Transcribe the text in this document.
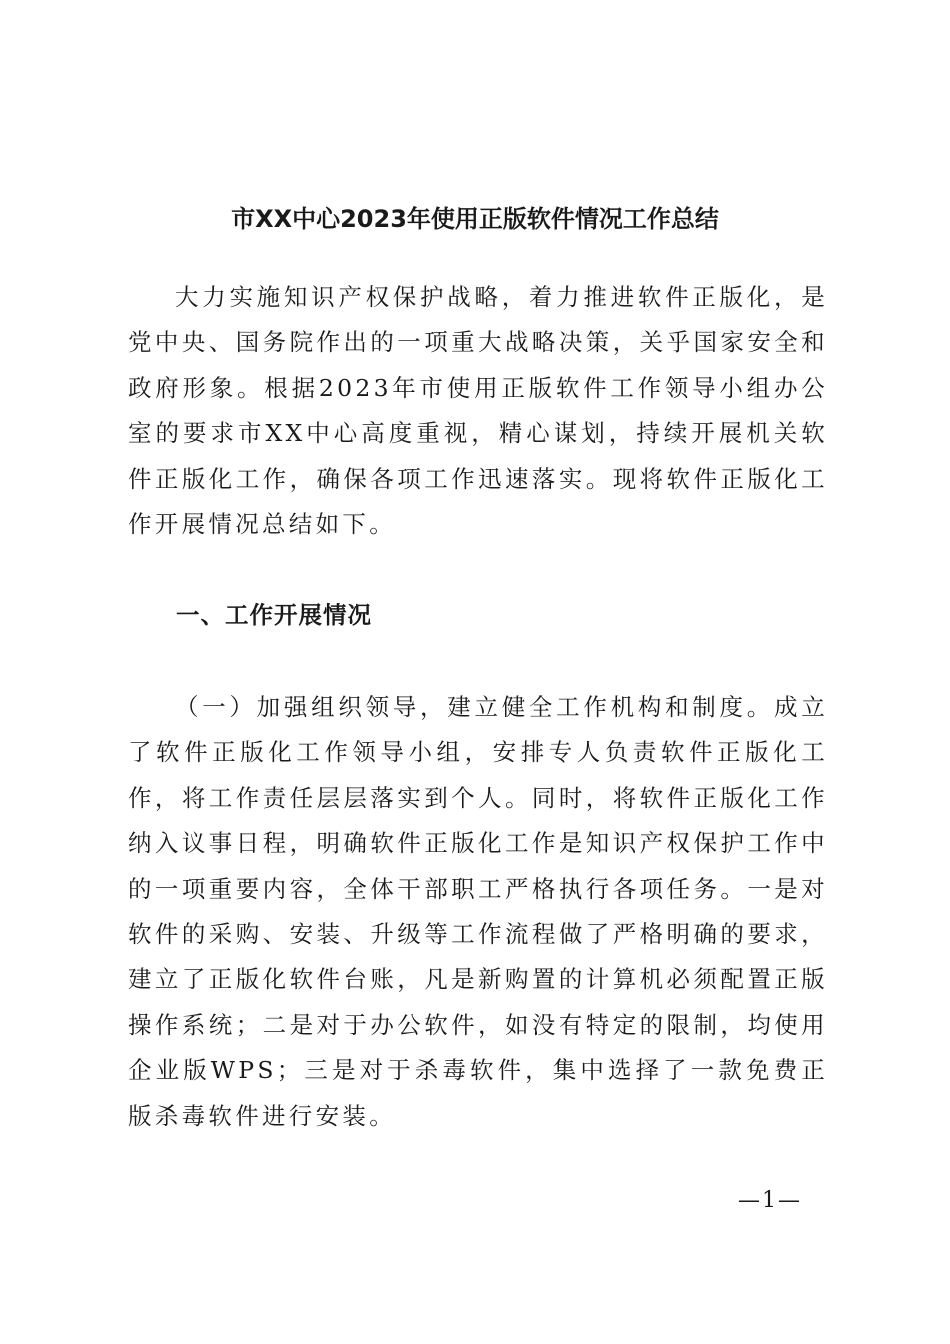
市XX中心2023年使用正版软件情况工作总结

大力实施知识产权保护战略，着力推进软件正版化，是党中央、国务院作出的一项重大战略决策，关乎国家安全和政府形象。根据2023年市使用正版软件工作领导小组办公室的要求市XX中心高度重视，精心谋划，持续开展机关软件正版化工作，确保各项工作迅速落实。现将软件正版化工作开展情况总结如下。

一、工作开展情况

（一）加强组织领导，建立健全工作机构和制度。成立了软件正版化工作领导小组，安排专人负责软件正版化工作，将工作责任层层落实到个人。同时，将软件正版化工作纳入议事日程，明确软件正版化工作是知识产权保护工作中的一项重要内容，全体干部职工严格执行各项任务。一是对软件的采购、安装、升级等工作流程做了严格明确的要求，建立了正版化软件台账，凡是新购置的计算机必须配置正版操作系统；二是对于办公软件，如没有特定的限制，均使用企业版WPS；三是对于杀毒软件，集中选择了一款免费正版杀毒软件进行安装。

—1—
